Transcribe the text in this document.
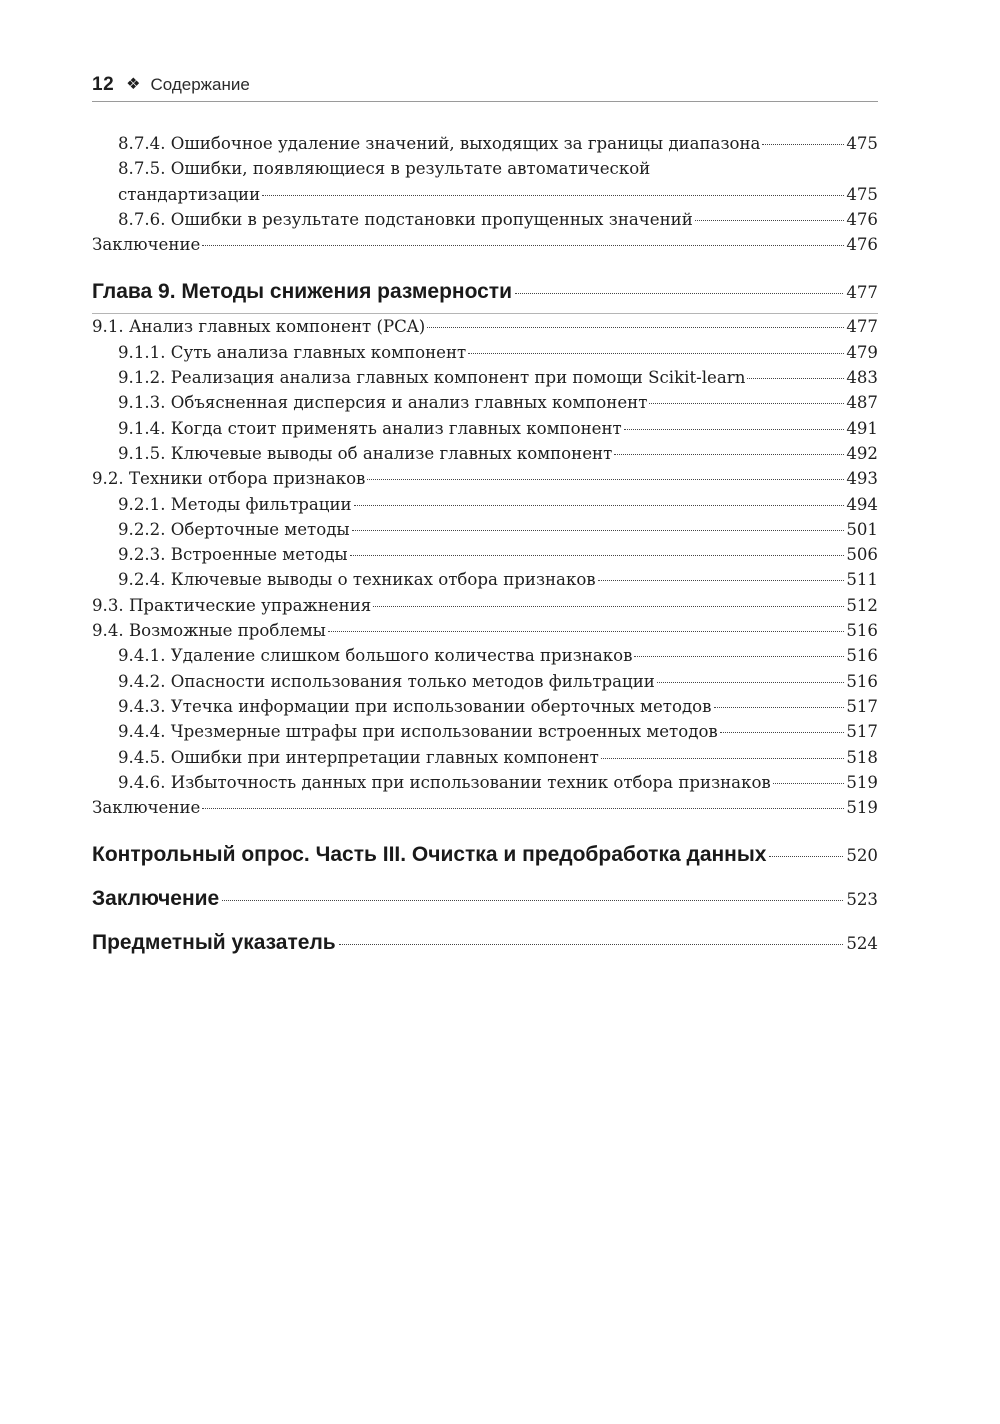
12 ❖ Содержание
8.7.4. Ошибочное удаление значений, выходящих за границы диапазона	475
8.7.5. Ошибки, появляющиеся в результате автоматической
стандартизации	475
8.7.6. Ошибки в результате подстановки пропущенных значений	476
Заключение	476
Глава 9. Методы снижения размерности	477
9.1. Анализ главных компонент (PCA)	477
9.1.1. Суть анализа главных компонент	479
9.1.2. Реализация анализа главных компонент при помощи Scikit-learn	483
9.1.3. Объясненная дисперсия и анализ главных компонент	487
9.1.4. Когда стоит применять анализ главных компонент	491
9.1.5. Ключевые выводы об анализе главных компонент	492
9.2. Техники отбора признаков	493
9.2.1. Методы фильтрации	494
9.2.2. Оберточные методы	501
9.2.3. Встроенные методы	506
9.2.4. Ключевые выводы о техниках отбора признаков	511
9.3. Практические упражнения	512
9.4. Возможные проблемы	516
9.4.1. Удаление слишком большого количества признаков	516
9.4.2. Опасности использования только методов фильтрации	516
9.4.3. Утечка информации при использовании оберточных методов	517
9.4.4. Чрезмерные штрафы при использовании встроенных методов	517
9.4.5. Ошибки при интерпретации главных компонент	518
9.4.6. Избыточность данных при использовании техник отбора признаков	519
Заключение	519
Контрольный опрос. Часть III. Очистка и предобработка данных	520
Заключение	523
Предметный указатель	524
